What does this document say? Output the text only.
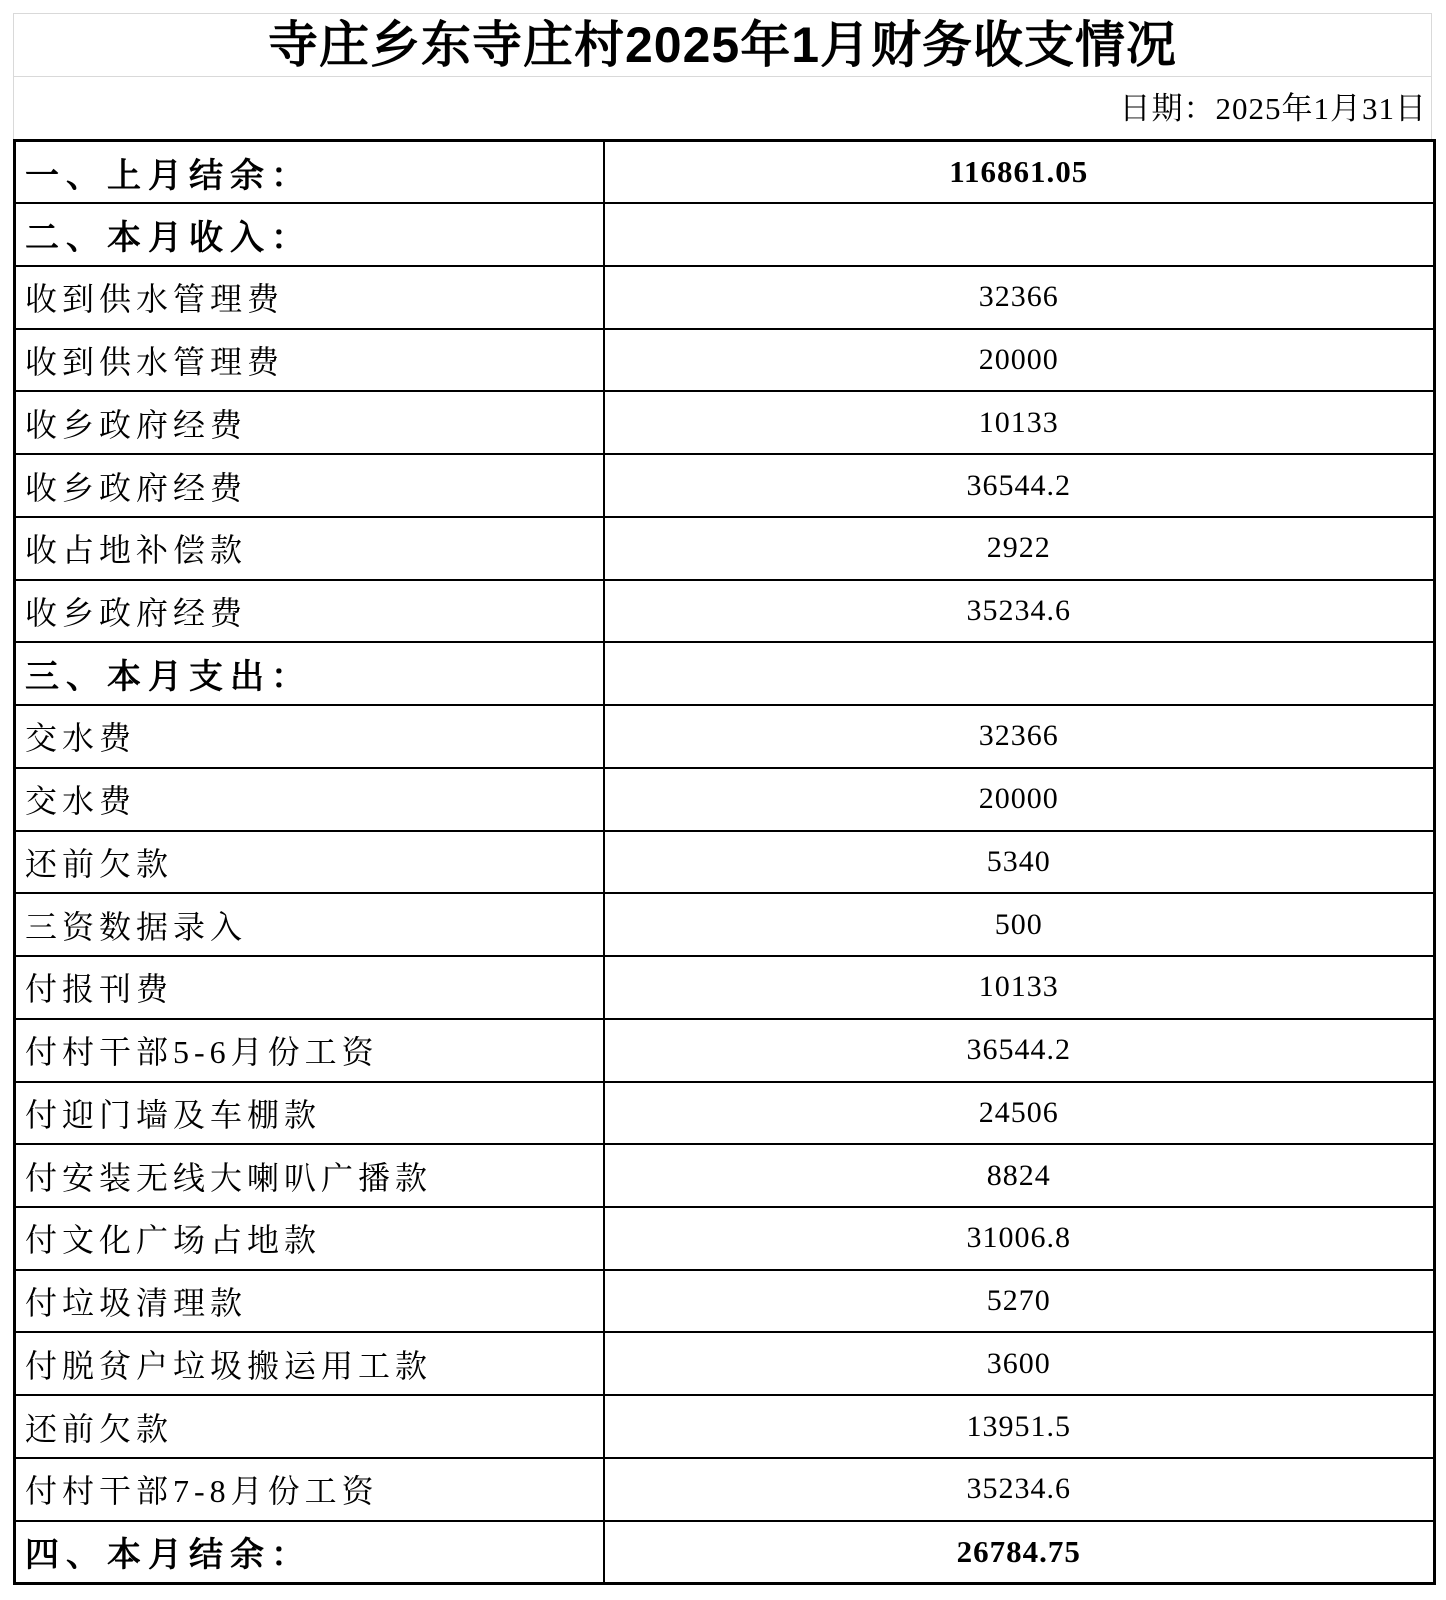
寺庄乡东寺庄村2025年1月财务收支情况
日期：2025年1月31日
一、上月结余：	116861.05
二、本月收入：	
收到供水管理费	32366
收到供水管理费	20000
收乡政府经费	10133
收乡政府经费	36544.2
收占地补偿款	2922
收乡政府经费	35234.6
三、本月支出：	
交水费	32366
交水费	20000
还前欠款	5340
三资数据录入	500
付报刊费	10133
付村干部5-6月份工资	36544.2
付迎门墙及车棚款	24506
付安装无线大喇叭广播款	8824
付文化广场占地款	31006.8
付垃圾清理款	5270
付脱贫户垃圾搬运用工款	3600
还前欠款	13951.5
付村干部7-8月份工资	35234.6
四、本月结余：	26784.75
